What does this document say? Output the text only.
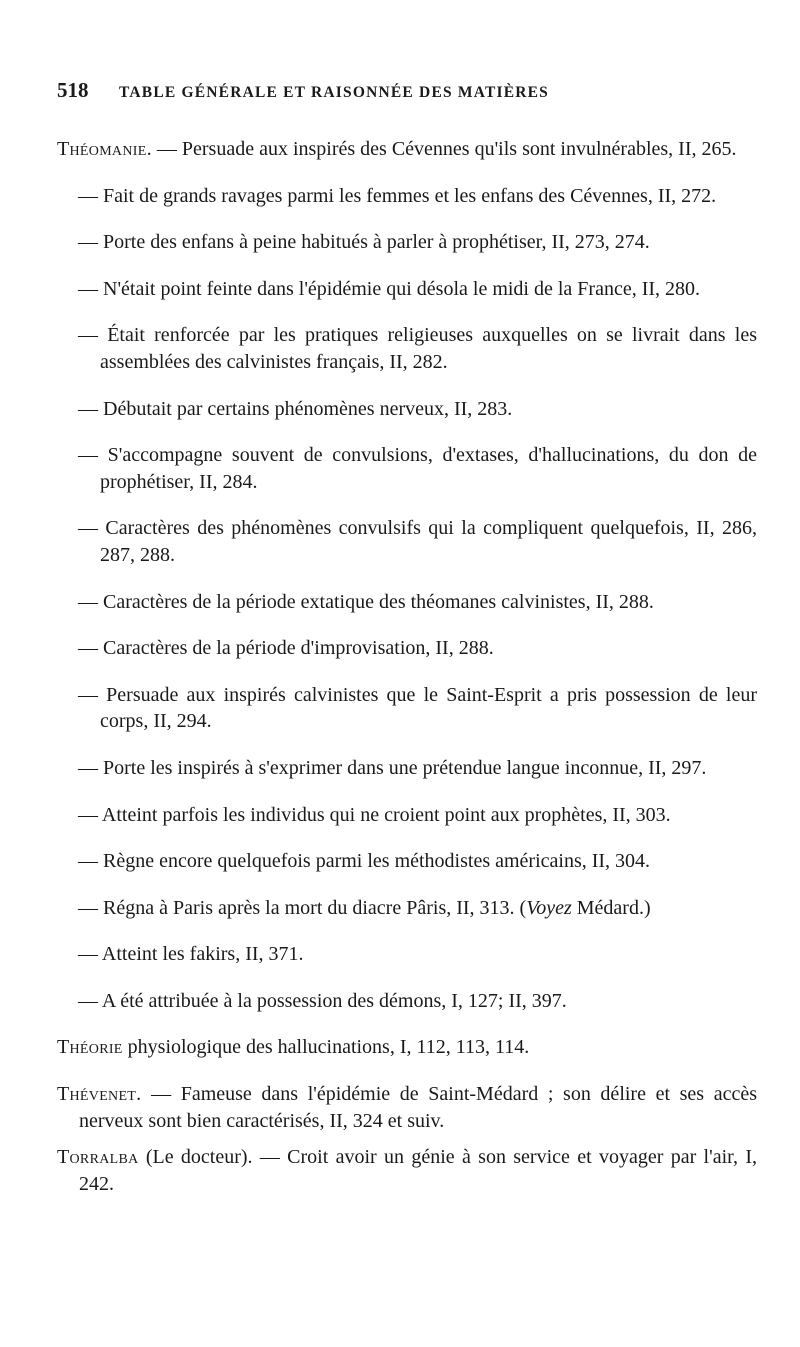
518	TABLE GÉNÉRALE ET RAISONNÉE DES MATIÈRES

Théomanie. — Persuade aux inspirés des Cévennes qu'ils sont invulnérables, II, 265.

— Fait de grands ravages parmi les femmes et les enfans des Cévennes, II, 272.

— Porte des enfans à peine habitués à parler à prophétiser, II, 273, 274.

— N'était point feinte dans l'épidémie qui désola le midi de la France, II, 280.

— Était renforcée par les pratiques religieuses auxquelles on se livrait dans les assemblées des calvinistes français, II, 282.

— Débutait par certains phénomènes nerveux, II, 283.

— S'accompagne souvent de convulsions, d'extases, d'hallucinations, du don de prophétiser, II, 284.

— Caractères des phénomènes convulsifs qui la compliquent quelquefois, II, 286, 287, 288.

— Caractères de la période extatique des théomanes calvinistes, II, 288.

— Caractères de la période d'improvisation, II, 288.

— Persuade aux inspirés calvinistes que le Saint-Esprit a pris possession de leur corps, II, 294.

— Porte les inspirés à s'exprimer dans une prétendue langue inconnue, II, 297.

— Atteint parfois les individus qui ne croient point aux prophètes, II, 303.

— Règne encore quelquefois parmi les méthodistes américains, II, 304.

— Régna à Paris après la mort du diacre Pâris, II, 313. (Voyez Médard.)

— Atteint les fakirs, II, 371.

— A été attribuée à la possession des démons, I, 127; II, 397.

Théorie physiologique des hallucinations, I, 112, 113, 114.

Thévenet. — Fameuse dans l'épidémie de Saint-Médard ; son délire et ses accès nerveux sont bien caractérisés, II, 324 et suiv.

Torralba (Le docteur). — Croit avoir un génie à son service et voyager par l'air, I, 242.
